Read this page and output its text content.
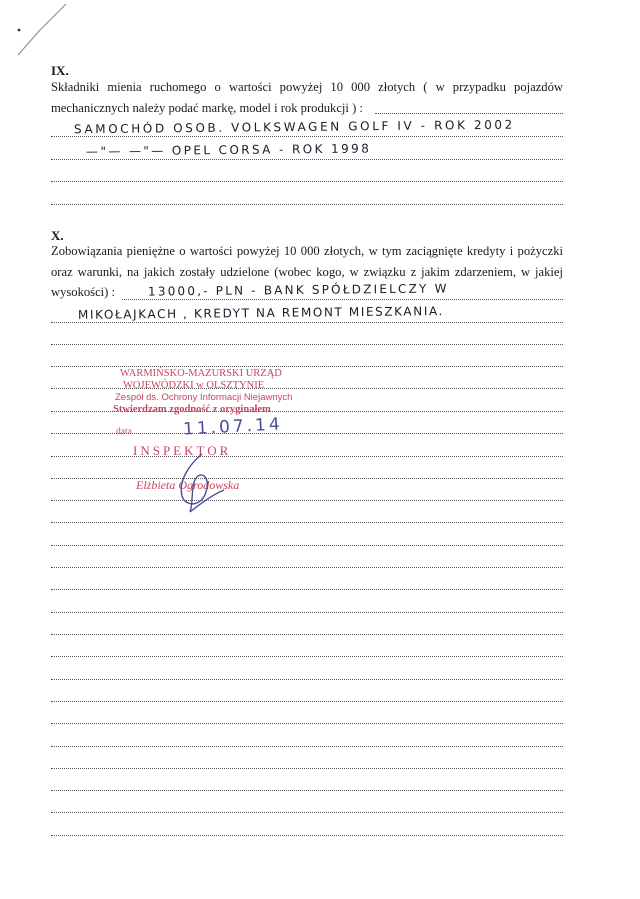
IX.
Składniki mienia ruchomego o wartości powyżej 10 000 złotych ( w przypadku pojazdów mechanicznych należy podać markę, model i rok produkcji ) :
SAMOCHÓD OSOB. VOLKSWAGEN GOLF IV - ROK 2002
—"— —"— OPEL CORSA - ROK 1998
X.
Zobowiązania pieniężne o wartości powyżej 10 000 złotych, w tym zaciągnięte kredyty i pożyczki oraz warunki, na jakich zostały udzielone (wobec kogo, w związku z jakim zdarzeniem, w jakiej wysokości) :	13000,- PLN - BANK SPÓŁDZIELCZY W
MIKOŁAJKACH , KREDYT NA REMONT MIESZKANIA.
WARMIŃSKO-MAZURSKI URZĄD
WOJEWÓDZKI w OLSZTYNIE
Zespół ds. Ochrony Informacji Niejawnych
Stwierdzam zgodność z oryginałem
data	11.07.14
INSPEKTOR
Elżbieta Ogrodowska
